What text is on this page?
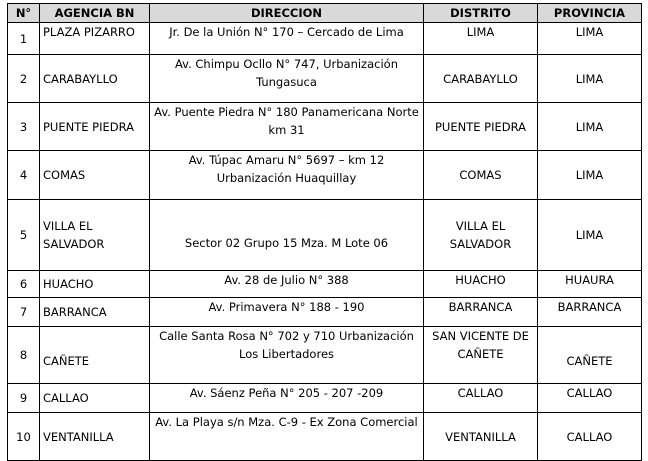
N°	AGENCIA BN	DIRECCION	DISTRITO	PROVINCIA
1	PLAZA PIZARRO	Jr. De la Unión N° 170 – Cercado de Lima	LIMA	LIMA
2	CARABAYLLO	Av. Chimpu Ocllo N° 747, Urbanización Tungasuca	CARABAYLLO	LIMA
3	PUENTE PIEDRA	Av. Puente Piedra N° 180 Panamericana Norte km 31	PUENTE PIEDRA	LIMA
4	COMAS	Av. Túpac Amaru N° 5697 – km 12 Urbanización Huaquillay	COMAS	LIMA
5	VILLA EL SALVADOR	Sector 02 Grupo 15 Mza. M Lote 06	VILLA EL SALVADOR	LIMA
6	HUACHO	Av. 28 de Julio N° 388	HUACHO	HUAURA
7	BARRANCA	Av. Primavera N° 188 - 190	BARRANCA	BARRANCA
8	CAÑETE	Calle Santa Rosa N° 702 y 710 Urbanización Los Libertadores	SAN VICENTE DE CAÑETE	CAÑETE
9	CALLAO	Av. Sáenz Peña N° 205 - 207 -209	CALLAO	CALLAO
10	VENTANILLA	Av. La Playa s/n Mza. C-9 - Ex Zona Comercial	VENTANILLA	CALLAO
